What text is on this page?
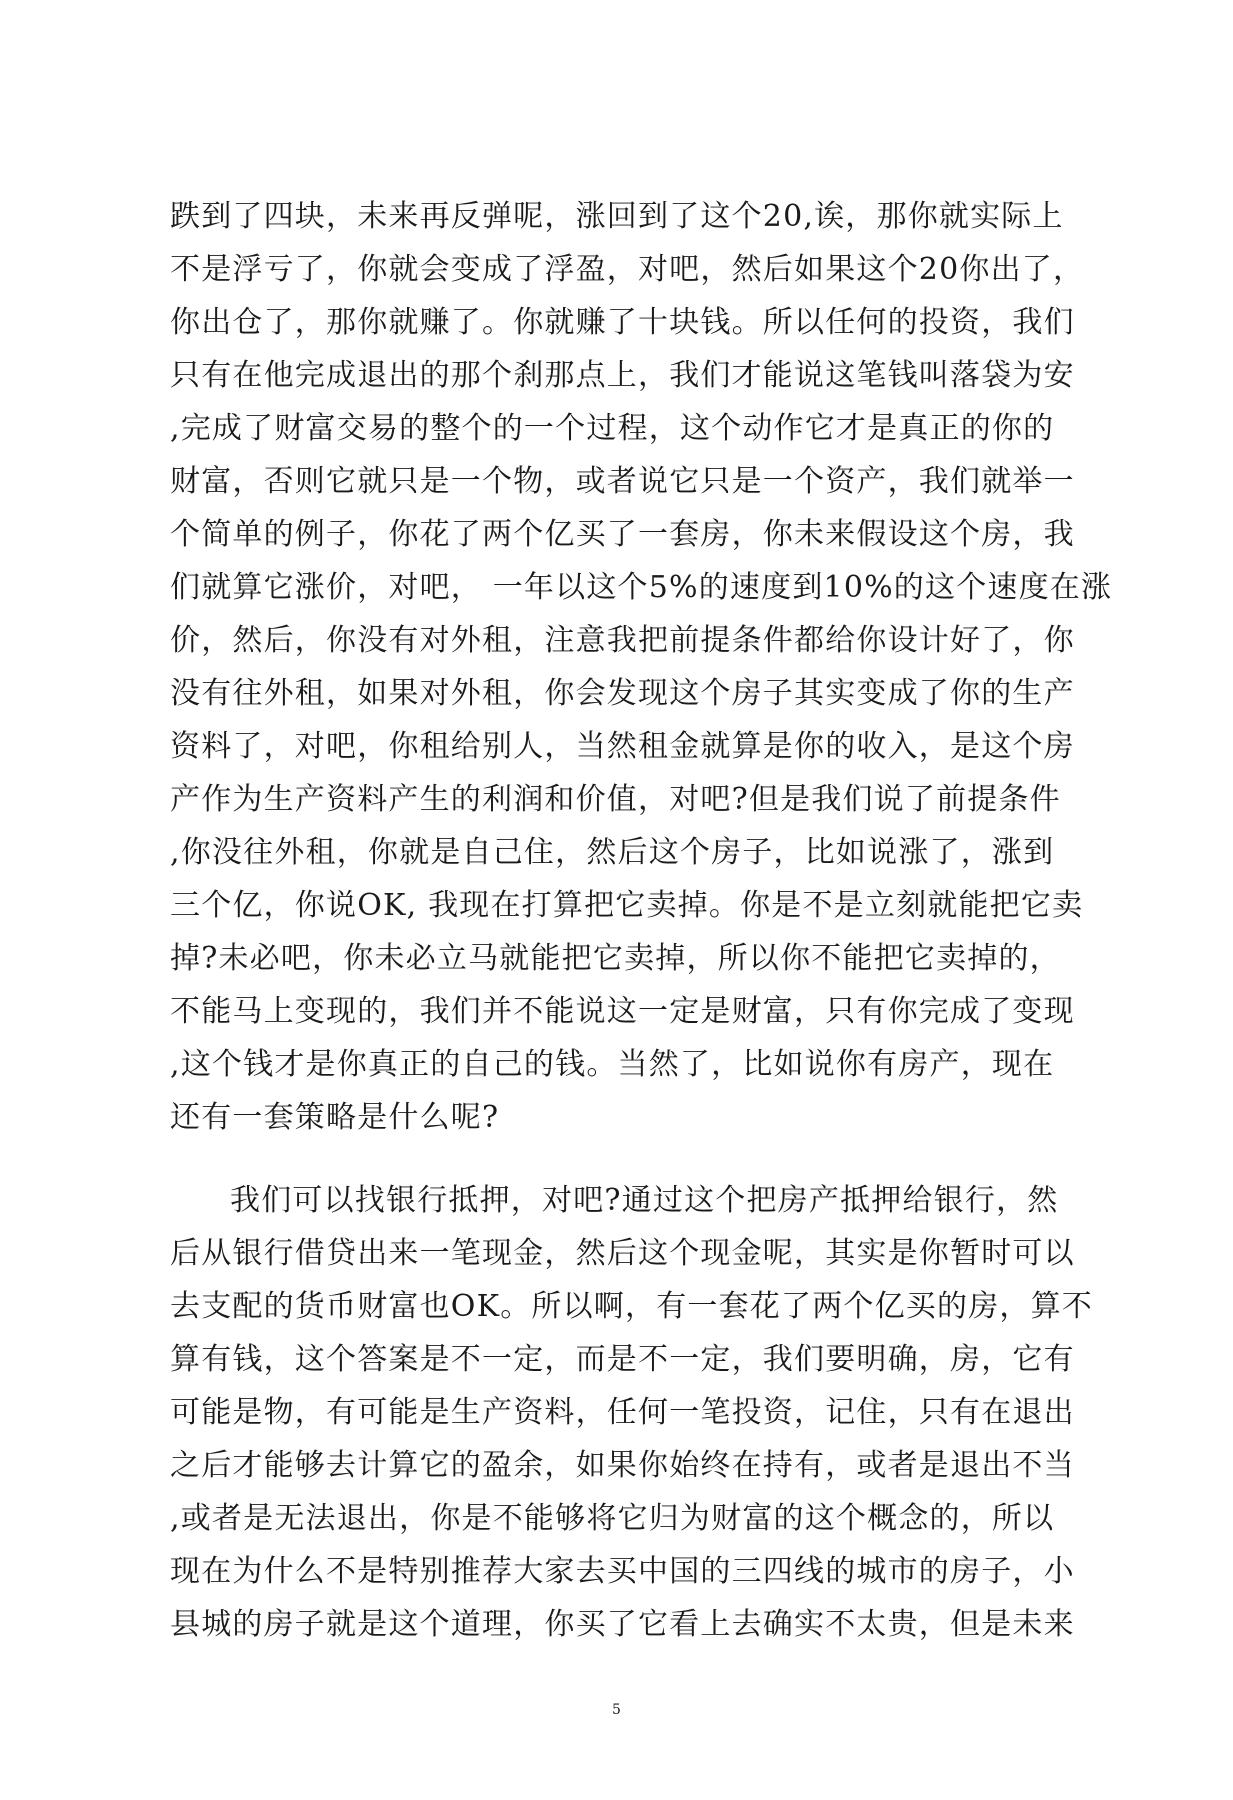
跌到了四块，未来再反弹呢，涨回到了这个20,诶，那你就实际上
不是浮亏了，你就会变成了浮盈，对吧，然后如果这个20你出了，
你出仓了，那你就赚了。你就赚了十块钱。所以任何的投资，我们
只有在他完成退出的那个刹那点上，我们才能说这笔钱叫落袋为安
,完成了财富交易的整个的一个过程，这个动作它才是真正的你的
财富，否则它就只是一个物，或者说它只是一个资产，我们就举一
个简单的例子，你花了两个亿买了一套房，你未来假设这个房，我
们就算它涨价，对吧， 一年以这个5%的速度到10%的这个速度在涨
价，然后，你没有对外租，注意我把前提条件都给你设计好了，你
没有往外租，如果对外租，你会发现这个房子其实变成了你的生产
资料了，对吧，你租给别人，当然租金就算是你的收入，是这个房
产作为生产资料产生的利润和价值，对吧?但是我们说了前提条件
,你没往外租，你就是自己住，然后这个房子，比如说涨了，涨到
三个亿，你说OK, 我现在打算把它卖掉。你是不是立刻就能把它卖
掉?未必吧，你未必立马就能把它卖掉，所以你不能把它卖掉的，
不能马上变现的，我们并不能说这一定是财富，只有你完成了变现
,这个钱才是你真正的自己的钱。当然了，比如说你有房产，现在
还有一套策略是什么呢?
我们可以找银行抵押，对吧?通过这个把房产抵押给银行，然
后从银行借贷出来一笔现金，然后这个现金呢，其实是你暂时可以
去支配的货币财富也OK。所以啊，有一套花了两个亿买的房，算不
算有钱，这个答案是不一定，而是不一定，我们要明确，房，它有
可能是物，有可能是生产资料，任何一笔投资，记住，只有在退出
之后才能够去计算它的盈余，如果你始终在持有，或者是退出不当
,或者是无法退出，你是不能够将它归为财富的这个概念的，所以
现在为什么不是特别推荐大家去买中国的三四线的城市的房子，小
县城的房子就是这个道理，你买了它看上去确实不太贵，但是未来
5
